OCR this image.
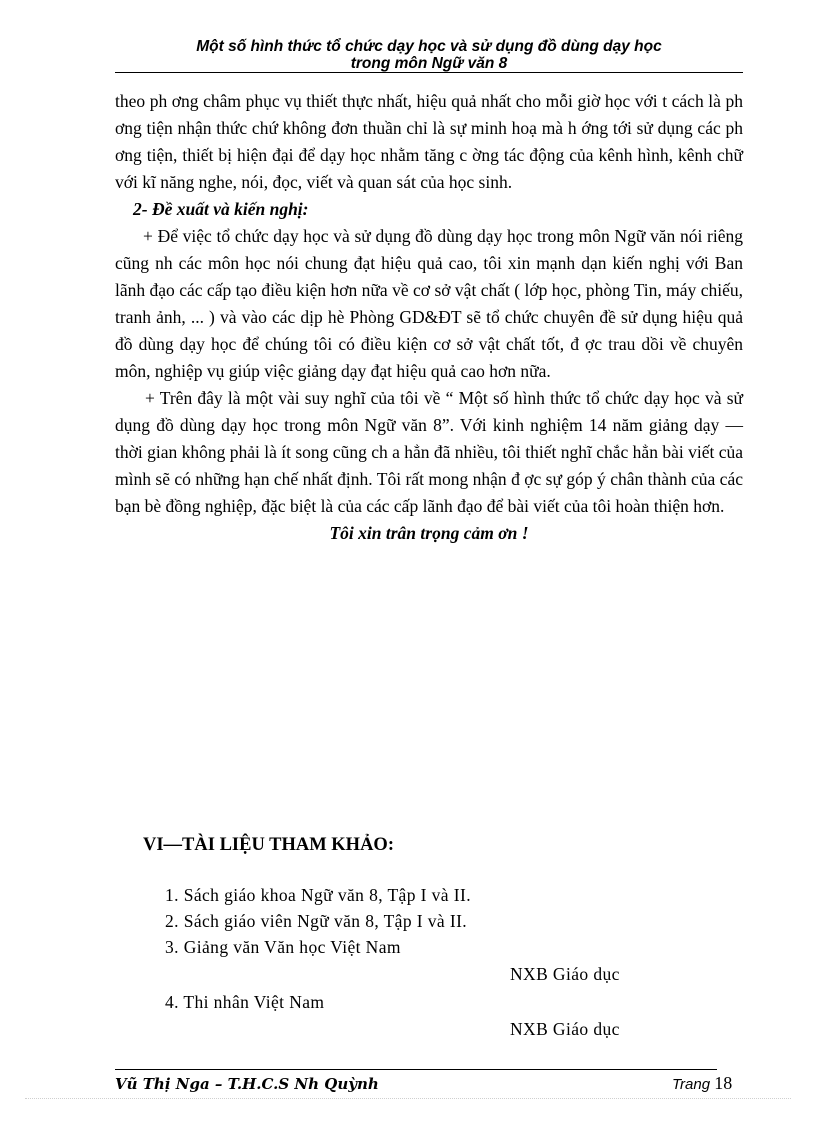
Một số hình thức tổ chức dạy học và sử dụng đồ dùng dạy học
trong môn Ngữ văn 8

theo ph ơng châm phục vụ thiết thực nhất, hiệu quả nhất cho mỗi giờ học với t cách là ph ơng tiện nhận thức chứ không đơn thuần chỉ là sự minh hoạ mà h ớng tới sử dụng các ph ơng tiện, thiết bị hiện đại để dạy học nhằm tăng c ờng tác động của kênh hình, kênh chữ với kĩ năng nghe, nói, đọc, viết và quan sát của học sinh.

2- Đề xuất và kiến nghị:

+ Để việc tổ chức dạy học và sử dụng đồ dùng dạy học trong môn Ngữ văn nói riêng cũng nh các môn học nói chung đạt hiệu quả cao, tôi xin mạnh dạn kiến nghị với Ban lãnh đạo các cấp tạo điều kiện hơn nữa về cơ sở vật chất ( lớp học, phòng Tin, máy chiếu, tranh ảnh, ... ) và vào các dịp hè Phòng GD&ĐT sẽ tổ chức chuyên đề sử dụng hiệu quả đồ dùng dạy học để chúng tôi có điều kiện cơ sở vật chất tốt, đ ợc trau dồi về chuyên môn, nghiệp vụ giúp việc giảng dạy đạt hiệu quả cao hơn nữa.

+ Trên đây là một vài suy nghĩ của tôi về “ Một số hình thức tổ chức dạy học và sử dụng đồ dùng dạy học trong môn Ngữ văn 8”. Với kinh nghiệm 14 năm giảng dạy — thời gian không phải là ít song cũng ch a hẳn đã nhiều, tôi thiết nghĩ chắc hẳn bài viết của mình sẽ có những hạn chế nhất định. Tôi rất mong nhận đ ợc sự góp ý chân thành của các bạn bè đồng nghiệp, đặc biệt là của các cấp lãnh đạo để bài viết của tôi hoàn thiện hơn.

Tôi xin trân trọng cảm ơn !

VI—TÀI LIỆU THAM KHẢO:
1. Sách giáo khoa Ngữ văn 8, Tập I và II.
2. Sách giáo viên Ngữ văn 8, Tập I và II.
3. Giảng văn Văn học Việt Nam
NXB Giáo dục
4. Thi nhân Việt Nam
NXB Giáo dục
Vũ Thị Nga – T.H.C.S Nh Quỳnh	Trang 18
